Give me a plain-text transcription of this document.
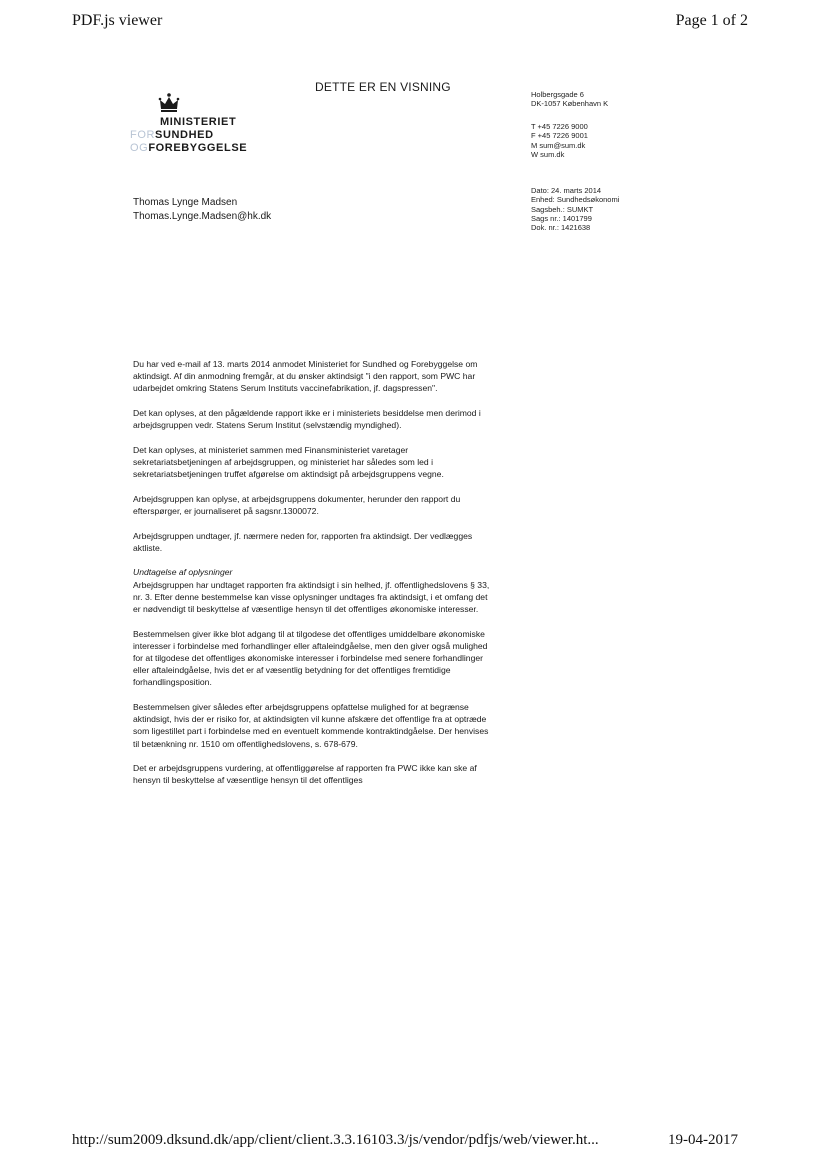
PDF.js viewer	Page 1 of 2
DETTE ER EN VISNING
MINISTERIET
FORSUNDHED
OGFOREBYGGELSE
Holbergsgade 6
DK-1057 København K
T +45 7226 9000
F +45 7226 9001
M sum@sum.dk
W sum.dk
Dato: 24. marts 2014
Enhed: Sundhedsøkonomi
Sagsbeh.: SUMKT
Sags nr.: 1401799
Dok. nr.: 1421638
Thomas Lynge Madsen
Thomas.Lynge.Madsen@hk.dk

Du har ved e-mail af 13. marts 2014 anmodet Ministeriet for Sundhed og Forebyggelse om aktindsigt. Af din anmodning fremgår, at du ønsker aktindsigt "i den rapport, som PWC har udarbejdet omkring Statens Serum Instituts vaccinefabrikation, jf. dagspressen".

Det kan oplyses, at den pågældende rapport ikke er i ministeriets besiddelse men derimod i arbejdsgruppen vedr. Statens Serum Institut (selvstændig myndighed).

Det kan oplyses, at ministeriet sammen med Finansministeriet varetager sekretariatsbetjeningen af arbejdsgruppen, og ministeriet har således som led i sekretariatsbetjeningen truffet afgørelse om aktindsigt på arbejdsgruppens vegne.

Arbejdsgruppen kan oplyse, at arbejdsgruppens dokumenter, herunder den rapport du efterspørger, er journaliseret på sagsnr.1300072.

Arbejdsgruppen undtager, jf. nærmere neden for, rapporten fra aktindsigt. Der vedlægges aktliste.

Undtagelse af oplysninger

Arbejdsgruppen har undtaget rapporten fra aktindsigt i sin helhed, jf. offentlighedslovens § 33, nr. 3. Efter denne bestemmelse kan visse oplysninger undtages fra aktindsigt, i et omfang det er nødvendigt til beskyttelse af væsentlige hensyn til det offentliges økonomiske interesser.

Bestemmelsen giver ikke blot adgang til at tilgodese det offentliges umiddelbare økonomiske interesser i forbindelse med forhandlinger eller aftaleindgåelse, men den giver også mulighed for at tilgodese det offentliges økonomiske interesser i forbindelse med senere forhandlinger eller aftaleindgåelse, hvis det er af væsentlig betydning for det offentliges fremtidige forhandlingsposition.

Bestemmelsen giver således efter arbejdsgruppens opfattelse mulighed for at begrænse aktindsigt, hvis der er risiko for, at aktindsigten vil kunne afskære det offentlige fra at optræde som ligestillet part i forbindelse med en eventuelt kommende kontraktindgåelse. Der henvises til betænkning nr. 1510 om offentlighedslovens, s. 678-679.

Det er arbejdsgruppens vurdering, at offentliggørelse af rapporten fra PWC ikke kan ske af hensyn til beskyttelse af væsentlige hensyn til det offentliges

http://sum2009.dksund.dk/app/client/client.3.3.16103.3/js/vendor/pdfjs/web/viewer.ht...	19-04-2017
